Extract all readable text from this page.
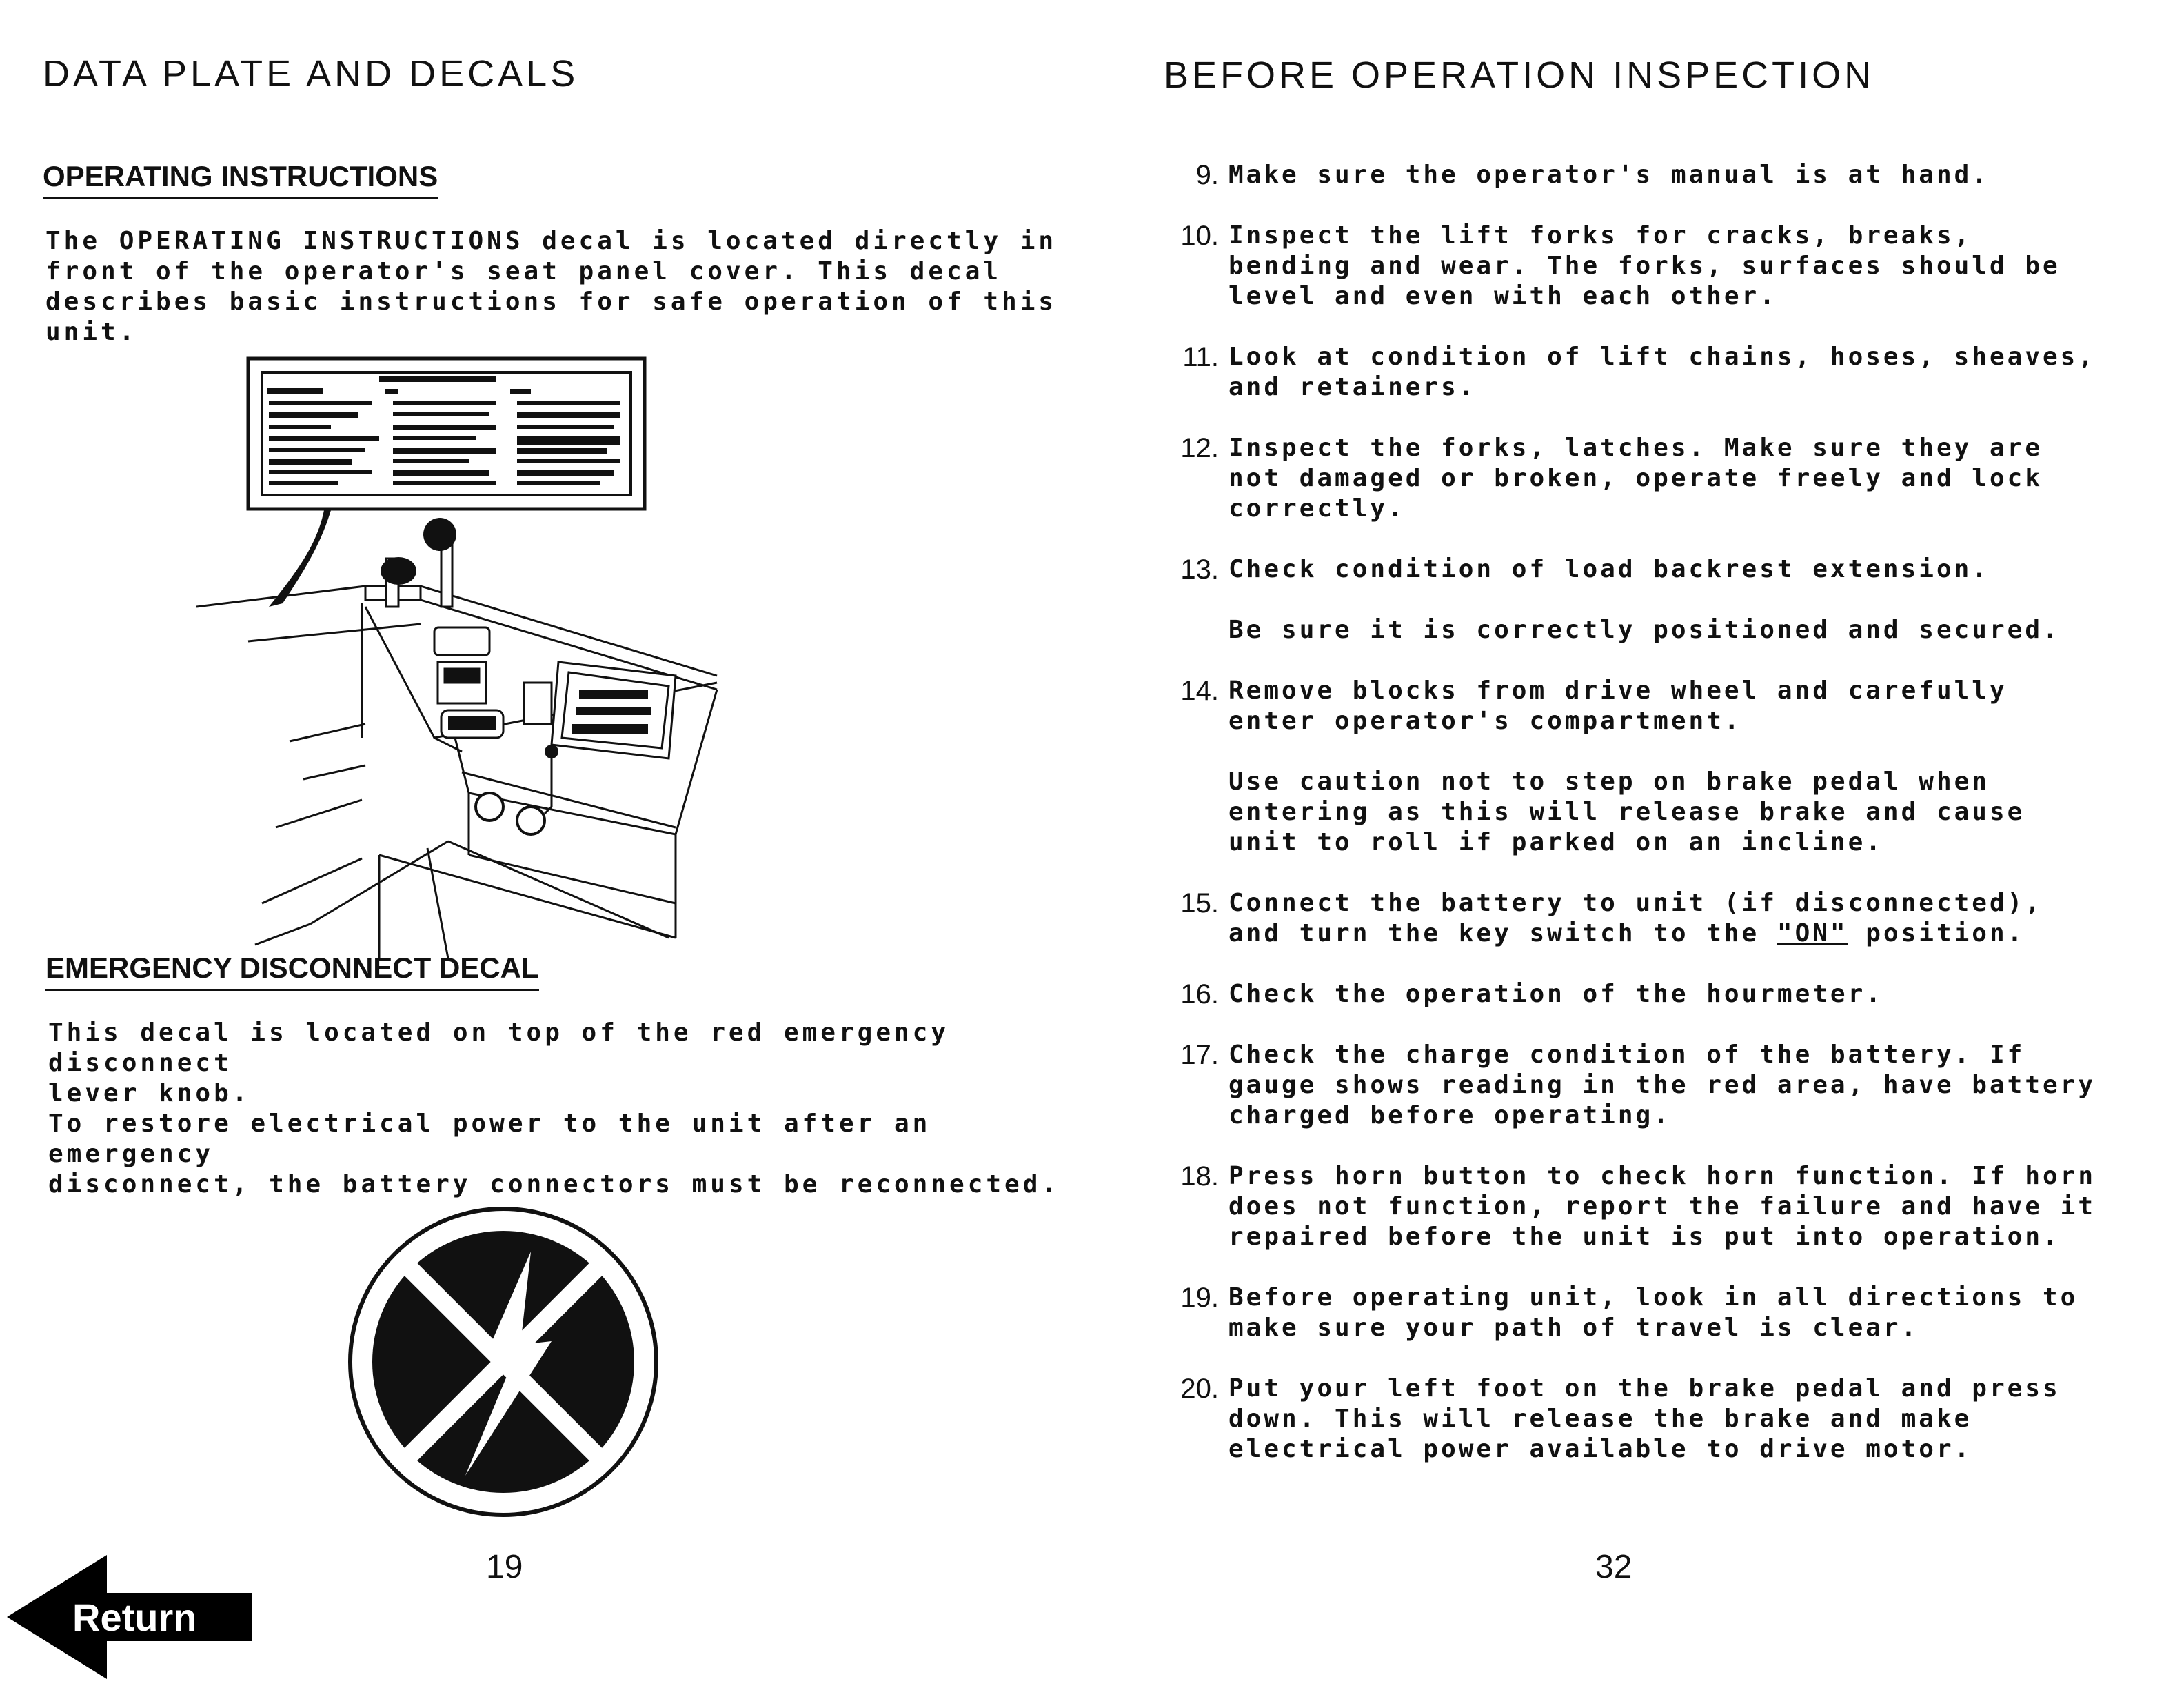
DATA PLATE AND DECALS
OPERATING INSTRUCTIONS
The OPERATING INSTRUCTIONS decal is located directly in
front of the operator's seat panel cover. This decal
describes basic instructions for safe operation of this unit.
EMERGENCY DISCONNECT DECAL
This decal is located on top of the red emergency disconnect
lever knob.
To restore electrical power to the unit after an emergency
disconnect, the battery connectors must be reconnected.
19
BEFORE OPERATION INSPECTION
9. Make sure the operator's manual is at hand.

10. Inspect the lift forks for cracks, breaks, bending and wear. The forks, surfaces should be level and even with each other.

11. Look at condition of lift chains, hoses, sheaves, and retainers.

12. Inspect the forks, latches. Make sure they are not damaged or broken, operate freely and lock correctly.

13. Check condition of load backrest extension.

Be sure it is correctly positioned and secured.

14. Remove blocks from drive wheel and carefully enter operator's compartment.

Use caution not to step on brake pedal when entering as this will release brake and cause unit to roll if parked on an incline.

15. Connect the battery to unit (if disconnected), and turn the key switch to the "ON" position.

16. Check the operation of the hourmeter.

17. Check the charge condition of the battery. If gauge shows reading in the red area, have battery charged before operating.

18. Press horn button to check horn function. If horn does not function, report the failure and have it repaired before the unit is put into operation.

19. Before operating unit, look in all directions to make sure your path of travel is clear.

20. Put your left foot on the brake pedal and press down. This will release the brake and make electrical power available to drive motor.

32
Return
